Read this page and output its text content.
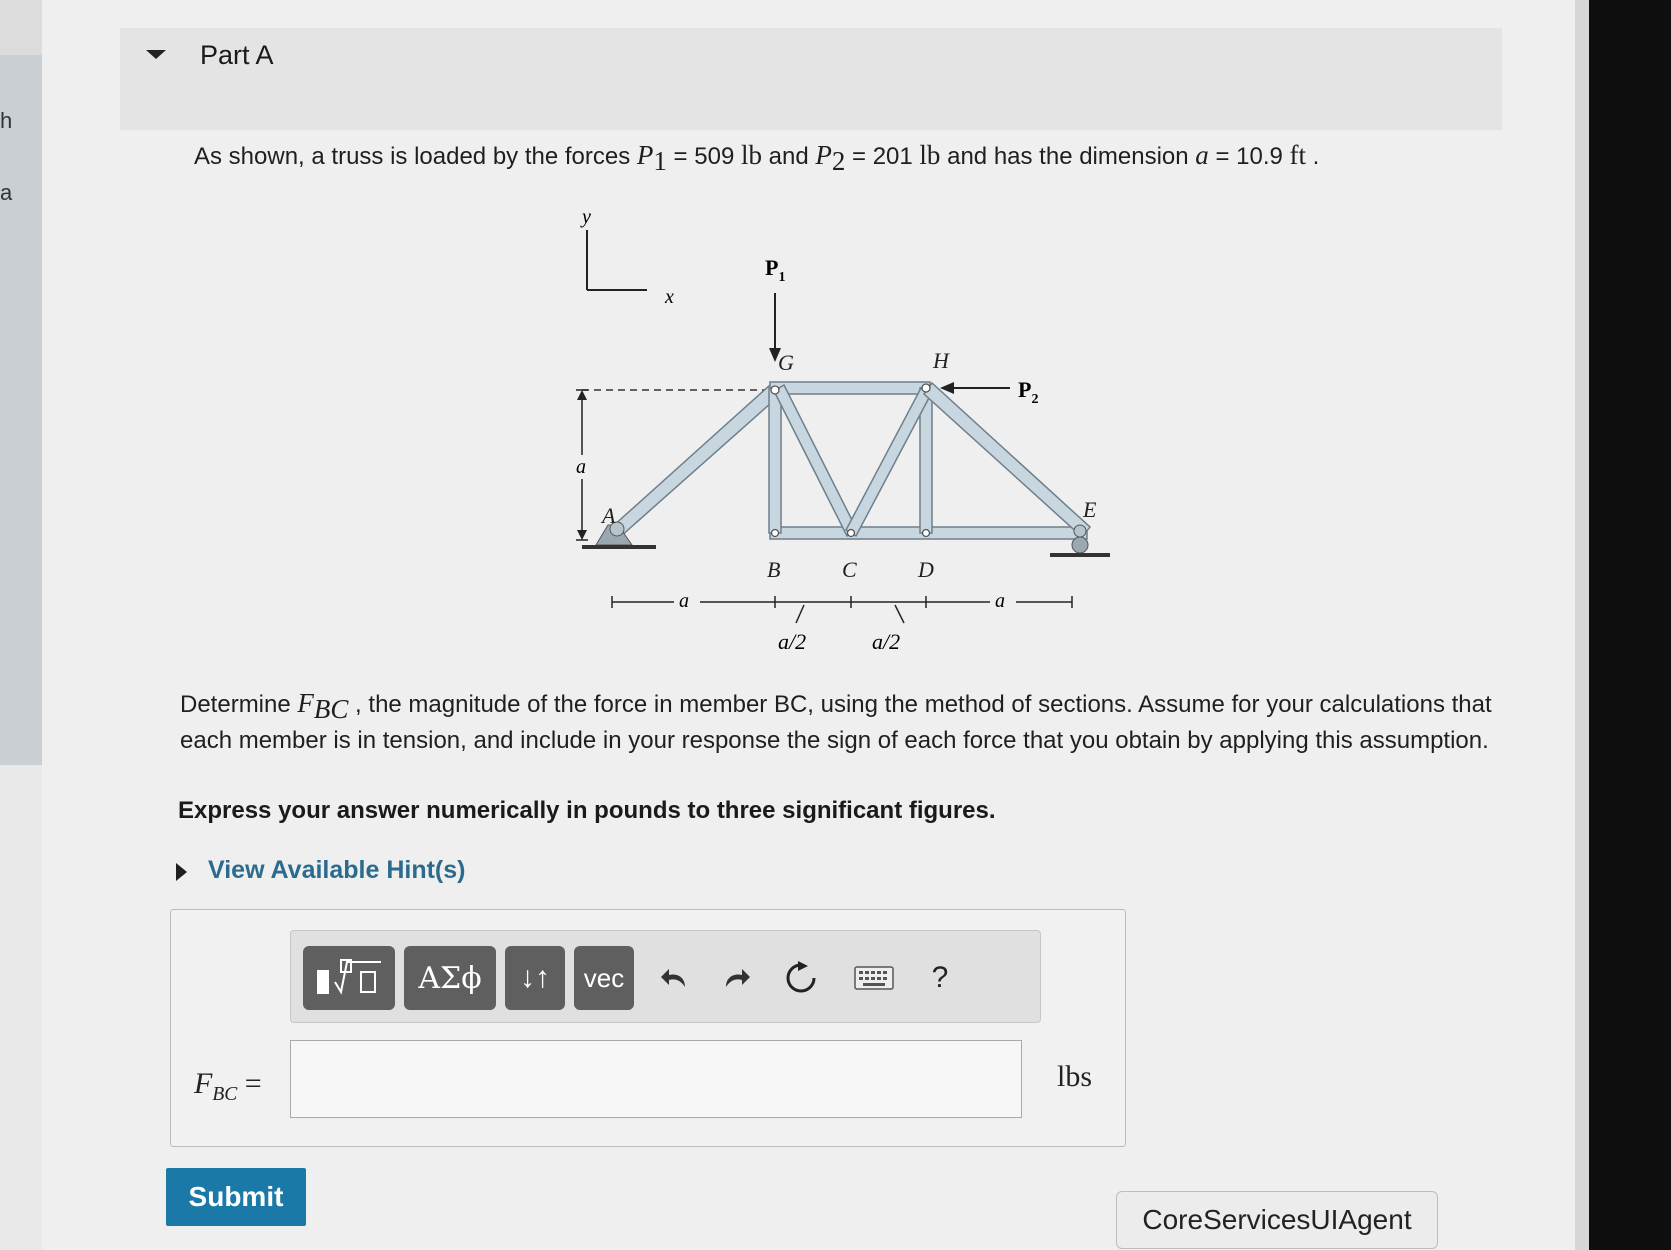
h
a
Part A
As shown, a truss is loaded by the forces $P_1 = 509$ lb and $P_2 = 201$ lb and has the dimension a = 10.9 ft .
y
x
$P_1$
$P_2$
A
G	H
B	C	D
E
a
a	a
a/2	a/2
Determine $F_{BC}$ , the magnitude of the force in member BC, using the method of sections. Assume for your calculations that each member is in tension, and include in your response the sign of each force that you obtain by applying this assumption.
Express your answer numerically in pounds to three significant figures.
View Available Hint(s)
ΑΣϕ	↓↑	vec	?
$F_{BC}$ =	lbs
Submit
CoreServicesUIAgent
